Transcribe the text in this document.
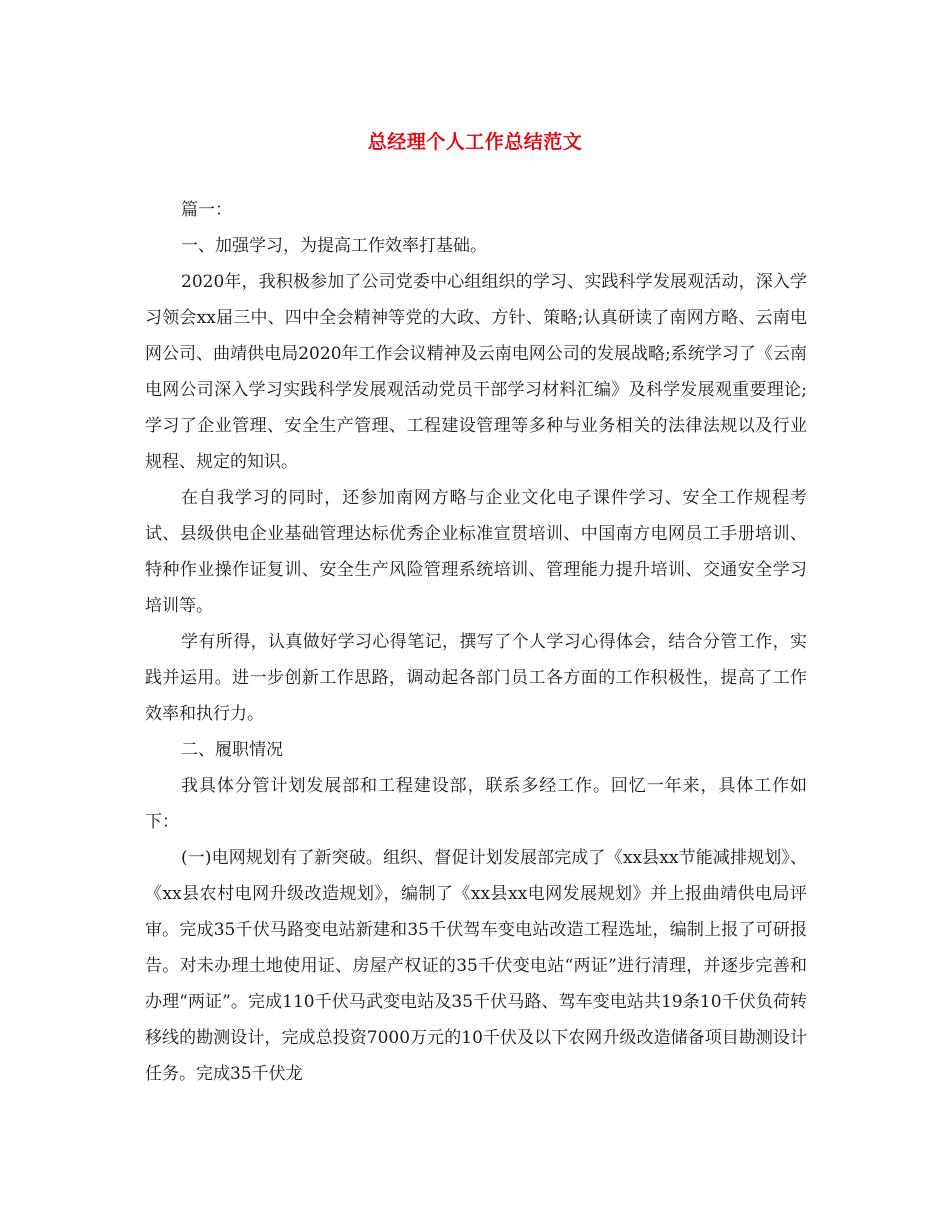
总经理个人工作总结范文

篇一：

一、加强学习，为提高工作效率打基础。

2020年，我积极参加了公司党委中心组组织的学习、实践科学发展观活动，深入学习领会xx届三中、四中全会精神等党的大政、方针、策略;认真研读了南网方略、云南电网公司、曲靖供电局2020年工作会议精神及云南电网公司的发展战略;系统学习了《云南电网公司深入学习实践科学发展观活动党员干部学习材料汇编》及科学发展观重要理论;学习了企业管理、安全生产管理、工程建设管理等多种与业务相关的法律法规以及行业规程、规定的知识。

在自我学习的同时，还参加南网方略与企业文化电子课件学习、安全工作规程考试、县级供电企业基础管理达标优秀企业标准宣贯培训、中国南方电网员工手册培训、特种作业操作证复训、安全生产风险管理系统培训、管理能力提升培训、交通安全学习培训等。

学有所得，认真做好学习心得笔记，撰写了个人学习心得体会，结合分管工作，实践并运用。进一步创新工作思路，调动起各部门员工各方面的工作积极性，提高了工作效率和执行力。

二、履职情况

我具体分管计划发展部和工程建设部，联系多经工作。回忆一年来，具体工作如下：

(一)电网规划有了新突破。组织、督促计划发展部完成了《xx县xx节能减排规划》、《xx县农村电网升级改造规划》，编制了《xx县xx电网发展规划》并上报曲靖供电局评审。完成35千伏马路变电站新建和35千伏驾车变电站改造工程选址，编制上报了可研报告。对未办理土地使用证、房屋产权证的35千伏变电站“两证”进行清理，并逐步完善和办理“两证”。完成110千伏马武变电站及35千伏马路、驾车变电站共19条10千伏负荷转移线的勘测设计，完成总投资7000万元的10千伏及以下农网升级改造储备项目勘测设计任务。完成35千伏龙
